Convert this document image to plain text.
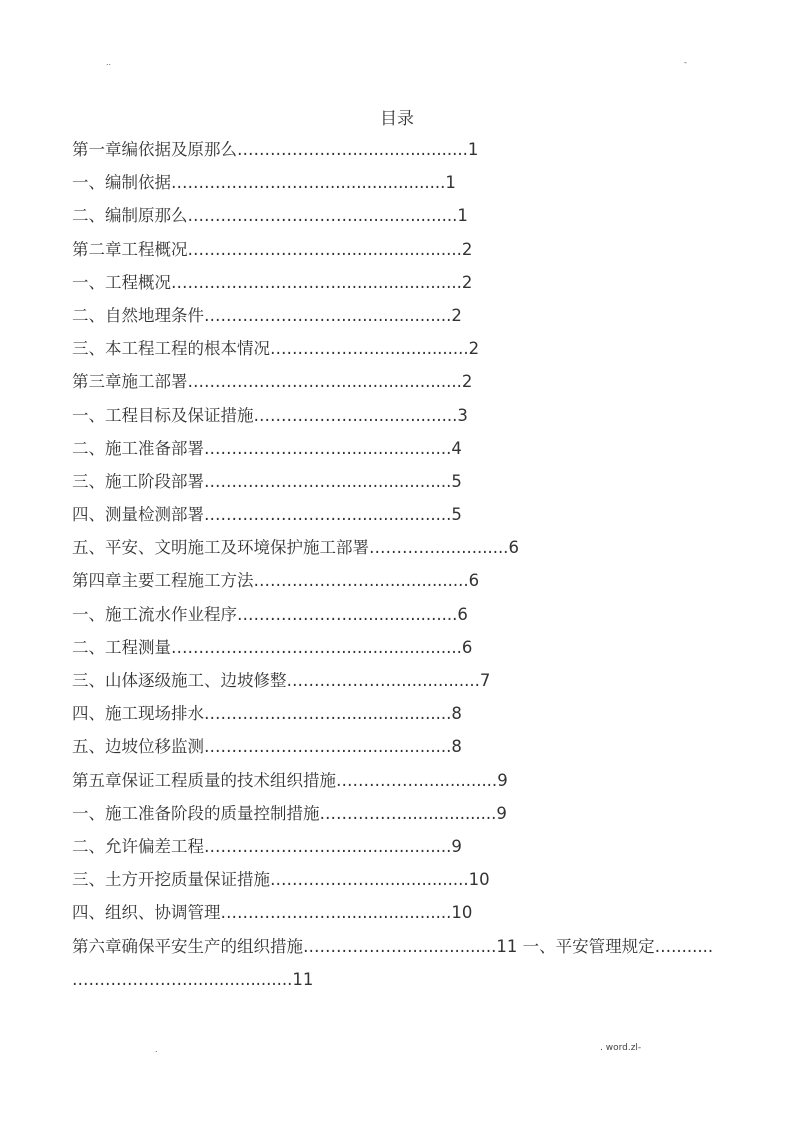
..	-
目录
第一章编依据及原那么…………………......................1
一、编制依据………………………........................1
二、编制原那么…………………………....................1
第二章工程概况………………………........................2
一、工程概况…………………………........................2
二、自然地理条件……………………......................2
三、本工程工程的根本情况………………...................2
第三章施工部署………………………........................2
一、工程目标及保证措施………………....................3
二、施工准备部署……………………......................4
三、施工阶段部署……………………......................5
四、测量检测部署……………………......................5
五、平安、文明施工及环境保护施工部署…………..............6
第四章主要工程施工方法…………………...................6
一、施工流水作业程序…………………....................6
二、工程测量…………………………........................6
三、山体逐级施工、边坡修整………………..................7
四、施工现场排水……………………......................8
五、边坡位移监测……………………......................8
第五章保证工程质量的技术组织措施……………...............9
一、施工准备阶段的质量控制措施……………..................9
二、允许偏差工程……………………......................9
三、土方开挖质量保证措施………………...................10
四、组织、协调管理…………………......................10
第六章确保平安生产的组织措施………………..................11 一、平安管理规定…........
…………………....................11
.	. word.zl-
